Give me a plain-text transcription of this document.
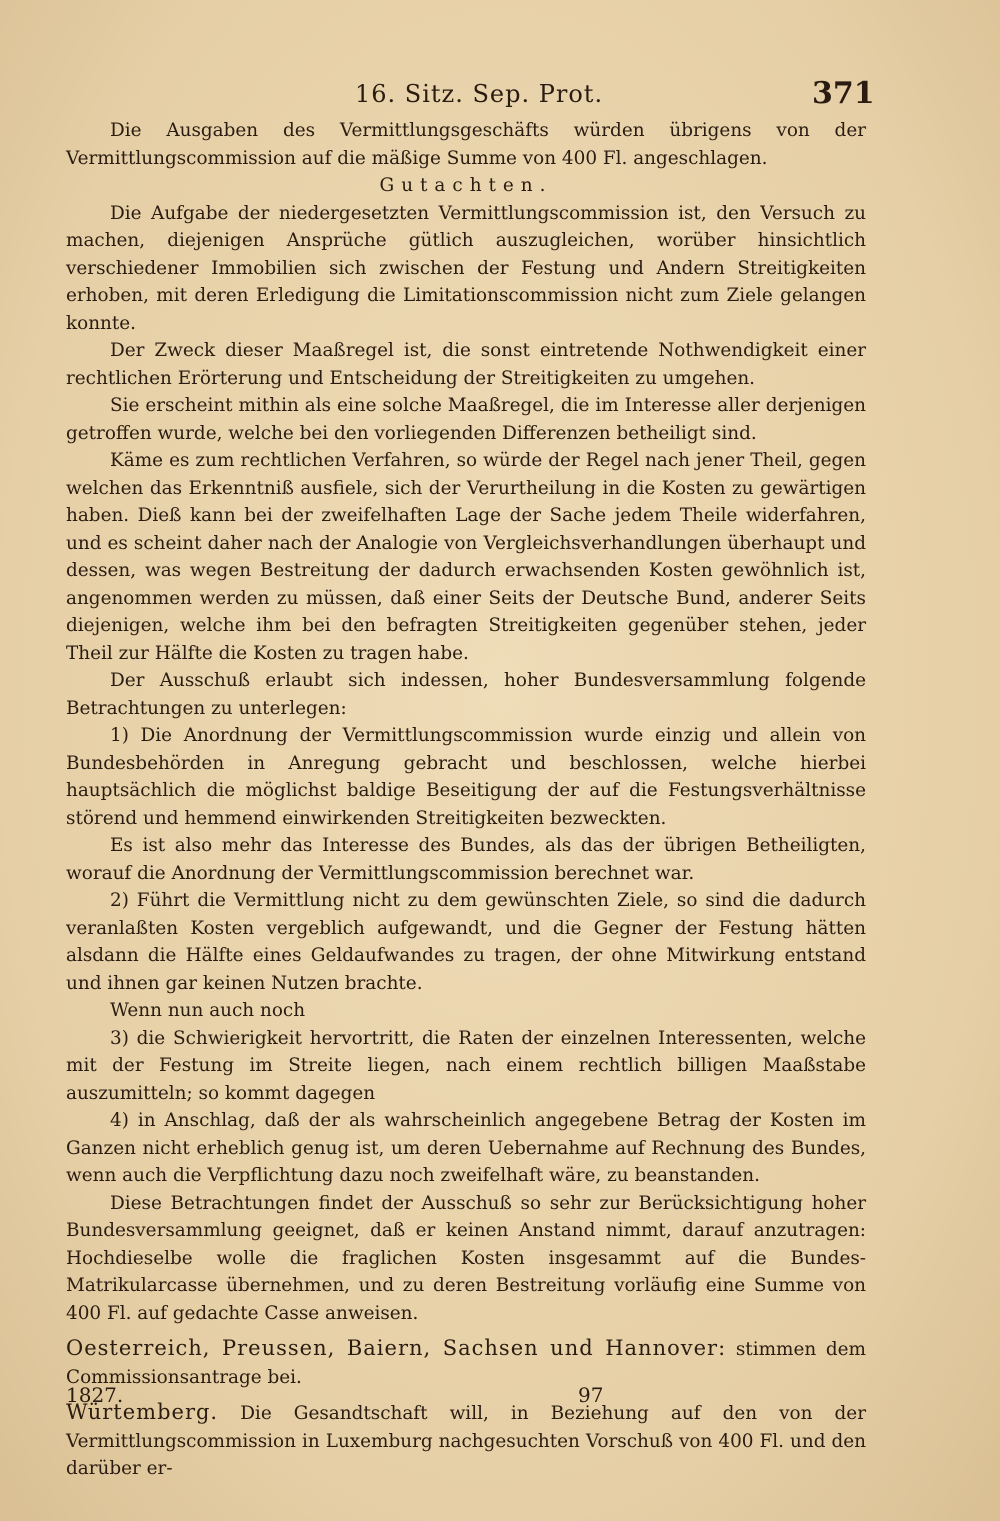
16. Sitz. Sep. Prot.	371

Die Ausgaben des Vermittlungsgeschäfts würden übrigens von der Vermittlungscommission auf die mäßige Summe von 400 Fl. angeschlagen.

Gutachten.

Die Aufgabe der niedergesetzten Vermittlungscommission ist, den Versuch zu machen, diejenigen Ansprüche gütlich auszugleichen, worüber hinsichtlich verschiedener Immobilien sich zwischen der Festung und Andern Streitigkeiten erhoben, mit deren Erledigung die Limitationscommission nicht zum Ziele gelangen konnte.

Der Zweck dieser Maaßregel ist, die sonst eintretende Nothwendigkeit einer rechtlichen Erörterung und Entscheidung der Streitigkeiten zu umgehen.

Sie erscheint mithin als eine solche Maaßregel, die im Interesse aller derjenigen getroffen wurde, welche bei den vorliegenden Differenzen betheiligt sind.

Käme es zum rechtlichen Verfahren, so würde der Regel nach jener Theil, gegen welchen das Erkenntniß ausfiele, sich der Verurtheilung in die Kosten zu gewärtigen haben. Dieß kann bei der zweifelhaften Lage der Sache jedem Theile widerfahren, und es scheint daher nach der Analogie von Vergleichsverhandlungen überhaupt und dessen, was wegen Bestreitung der dadurch erwachsenden Kosten gewöhnlich ist, angenommen werden zu müssen, daß einer Seits der Deutsche Bund, anderer Seits diejenigen, welche ihm bei den befragten Streitigkeiten gegenüber stehen, jeder Theil zur Hälfte die Kosten zu tragen habe.

Der Ausschuß erlaubt sich indessen, hoher Bundesversammlung folgende Betrachtungen zu unterlegen:

1) Die Anordnung der Vermittlungscommission wurde einzig und allein von Bundesbehörden in Anregung gebracht und beschlossen, welche hierbei hauptsächlich die möglichst baldige Beseitigung der auf die Festungsverhältnisse störend und hemmend einwirkenden Streitigkeiten bezweckten.

Es ist also mehr das Interesse des Bundes, als das der übrigen Betheiligten, worauf die Anordnung der Vermittlungscommission berechnet war.

2) Führt die Vermittlung nicht zu dem gewünschten Ziele, so sind die dadurch veranlaßten Kosten vergeblich aufgewandt, und die Gegner der Festung hätten alsdann die Hälfte eines Geldaufwandes zu tragen, der ohne Mitwirkung entstand und ihnen gar keinen Nutzen brachte.

Wenn nun auch noch

3) die Schwierigkeit hervortritt, die Raten der einzelnen Interessenten, welche mit der Festung im Streite liegen, nach einem rechtlich billigen Maaßstabe auszumitteln; so kommt dagegen

4) in Anschlag, daß der als wahrscheinlich angegebene Betrag der Kosten im Ganzen nicht erheblich genug ist, um deren Uebernahme auf Rechnung des Bundes, wenn auch die Verpflichtung dazu noch zweifelhaft wäre, zu beanstanden.

Diese Betrachtungen findet der Ausschuß so sehr zur Berücksichtigung hoher Bundesversammlung geeignet, daß er keinen Anstand nimmt, darauf anzutragen: Hochdieselbe wolle die fraglichen Kosten insgesammt auf die Bundes-Matrikularcasse übernehmen, und zu deren Bestreitung vorläufig eine Summe von 400 Fl. auf gedachte Casse anweisen.

Oesterreich, Preussen, Baiern, Sachsen und Hannover: stimmen dem Commissionsantrage bei.

Würtemberg. Die Gesandtschaft will, in Beziehung auf den von der Vermittlungscommission in Luxemburg nachgesuchten Vorschuß von 400 Fl. und den darüber er-

1827.	97
